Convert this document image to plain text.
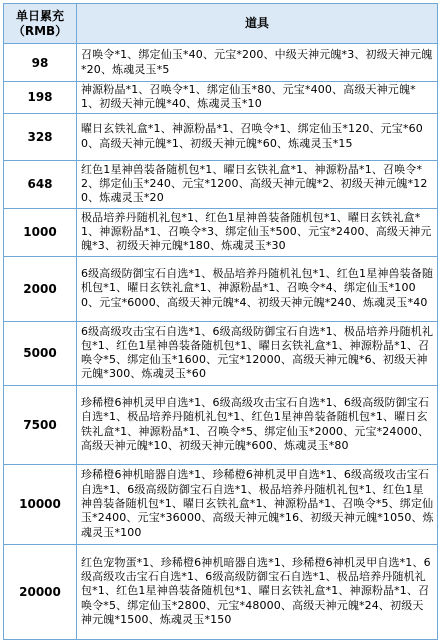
单日累充
（RMB）	道具
98	召唤令*1、绑定仙玉*40、元宝*200、中级天神元魄*3、初级天神元魄*20、炼魂灵玉*5
198	神源粉晶*1、召唤令*1、绑定仙玉*80、元宝*400、高级天神元魄*1、初级天神元魄*40、炼魂灵玉*10
328	曜日玄铁礼盒*1、神源粉晶*1、召唤令*1、绑定仙玉*120、元宝*600、高级天神元魄*1、初级天神元魄*60、炼魂灵玉*15
648	红色1星神兽装备随机包*1、曜日玄铁礼盒*1、神源粉晶*1、召唤令*2、绑定仙玉*240、元宝*1200、高级天神元魄*2、初级天神元魄*120、炼魂灵玉*20
1000	极品培养丹随机礼包*1、红色1星神兽装备随机包*1、曜日玄铁礼盒*1、神源粉晶*1、召唤令*3、绑定仙玉*500、元宝*2400、高级天神元魄*3、初级天神元魄*180、炼魂灵玉*30
2000	6级高级防御宝石自选*1、极品培养丹随机礼包*1、红色1星神兽装备随机包*1、曜日玄铁礼盒*1、神源粉晶*1、召唤令*4、绑定仙玉*1000、元宝*6000、高级天神元魄*4、初级天神元魄*240、炼魂灵玉*40
5000	6级高级攻击宝石自选*1、6级高级防御宝石自选*1、极品培养丹随机礼包*1、红色1星神兽装备随机包*1、曜日玄铁礼盒*1、神源粉晶*1、召唤令*5、绑定仙玉*1600、元宝*12000、高级天神元魄*6、初级天神元魄*300、炼魂灵玉*60
7500	珍稀橙6神机灵甲自选*1、6级高级攻击宝石自选*1、6级高级防御宝石自选*1、极品培养丹随机礼包*1、红色1星神兽装备随机包*1、曜日玄铁礼盒*1、神源粉晶*1、召唤令*5、绑定仙玉*2000、元宝*24000、高级天神元魄*10、初级天神元魄*600、炼魂灵玉*80
10000	珍稀橙6神机暗器自选*1、珍稀橙6神机灵甲自选*1、6级高级攻击宝石自选*1、6级高级防御宝石自选*1、极品培养丹随机礼包*1、红色1星神兽装备随机包*1、曜日玄铁礼盒*1、神源粉晶*1、召唤令*5、绑定仙玉*2400、元宝*36000、高级天神元魄*16、初级天神元魄*1050、炼魂灵玉*100
20000	红色宠物蛋*1、珍稀橙6神机暗器自选*1、珍稀橙6神机灵甲自选*1、6级高级攻击宝石自选*1、6级高级防御宝石自选*1、极品培养丹随机礼包*1、红色1星神兽装备随机包*1、曜日玄铁礼盒*1、神源粉晶*1、召唤令*5、绑定仙玉*2800、元宝*48000、高级天神元魄*24、初级天神元魄*1500、炼魂灵玉*150
